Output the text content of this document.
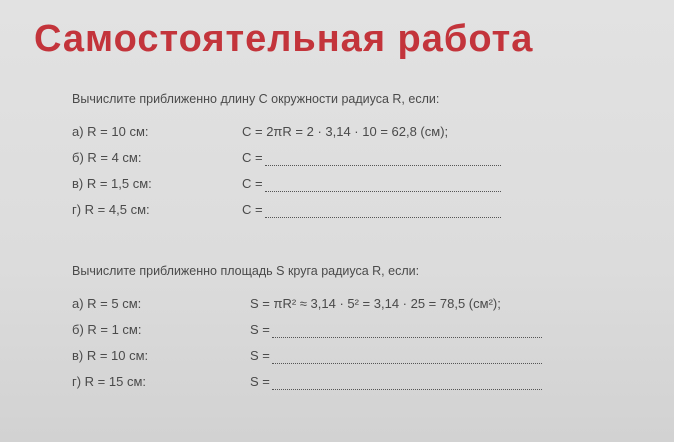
Самостоятельная работа

Вычислите приближенно длину C окружности радиуса R, если:

а) R = 10 см:	C = 2πR = 2 · 3,14 · 10 = 62,8 (см);
б) R = 4 см:	C =
в) R = 1,5 см:	C =
г) R = 4,5 см:	C =

Вычислите приближенно площадь S круга радиуса R, если:

а) R = 5 см:	S = πR² ≈ 3,14 · 5² = 3,14 · 25 = 78,5 (см²);
б) R = 1 см:	S =
в) R = 10 см:	S =
г) R = 15 см:	S =
